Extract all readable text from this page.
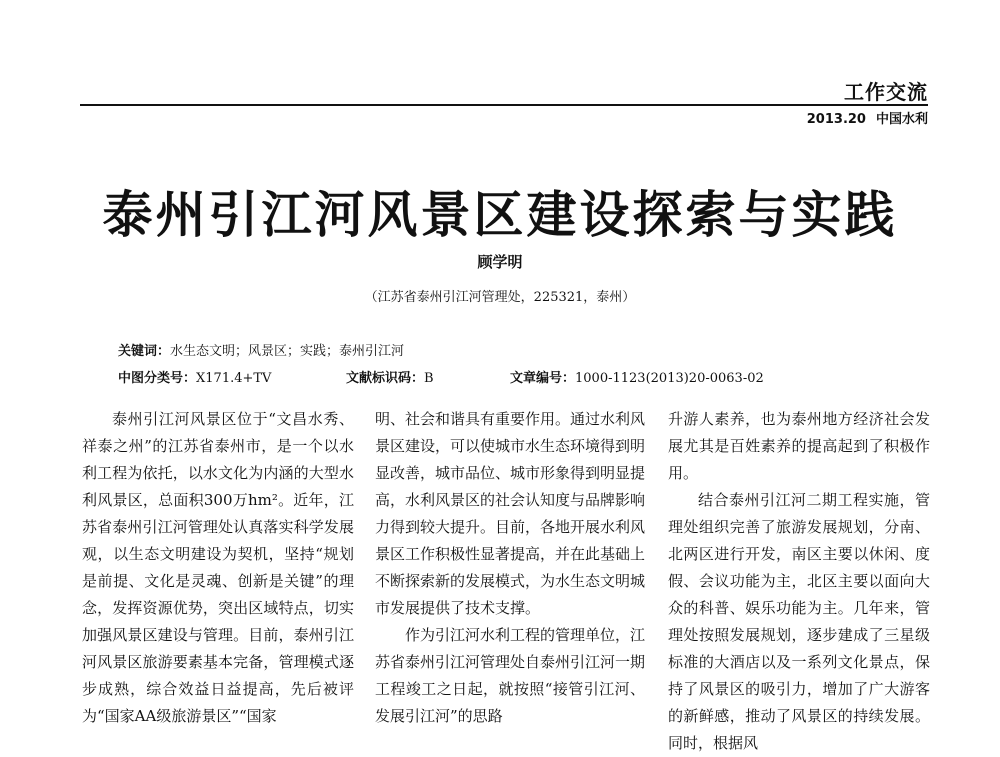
工作交流
2013.20 中国水利
泰州引江河风景区建设探索与实践
顾学明
（江苏省泰州引江河管理处，225321，泰州）
关键词：水生态文明；风景区；实践；泰州引江河
中图分类号：X171.4+TV	文献标识码：B	文章编号：1000-1123(2013)20-0063-02

泰州引江河风景区位于“文昌水秀、祥泰之州”的江苏省泰州市，是一个以水利工程为依托，以水文化为内涵的大型水利风景区，总面积300万hm²。近年，江苏省泰州引江河管理处认真落实科学发展观，以生态文明建设为契机，坚持“规划是前提、文化是灵魂、创新是关键”的理念，发挥资源优势，突出区域特点，切实加强风景区建设与管理。目前，泰州引江河风景区旅游要素基本完备，管理模式逐步成熟，综合效益日益提高，先后被评为“国家AA级旅游景区”“国家

明、社会和谐具有重要作用。通过水利风景区建设，可以使城市水生态环境得到明显改善，城市品位、城市形象得到明显提高，水利风景区的社会认知度与品牌影响力得到较大提升。目前，各地开展水利风景区工作积极性显著提高，并在此基础上不断探索新的发展模式，为水生态文明城市发展提供了技术支撑。

作为引江河水利工程的管理单位，江苏省泰州引江河管理处自泰州引江河一期工程竣工之日起，就按照“接管引江河、发展引江河”的思路

升游人素养，也为泰州地方经济社会发展尤其是百姓素养的提高起到了积极作用。

结合泰州引江河二期工程实施，管理处组织完善了旅游发展规划，分南、北两区进行开发，南区主要以休闲、度假、会议功能为主，北区主要以面向大众的科普、娱乐功能为主。几年来，管理处按照发展规划，逐步建成了三星级标准的大酒店以及一系列文化景点，保持了风景区的吸引力，增加了广大游客的新鲜感，推动了风景区的持续发展。同时，根据风
